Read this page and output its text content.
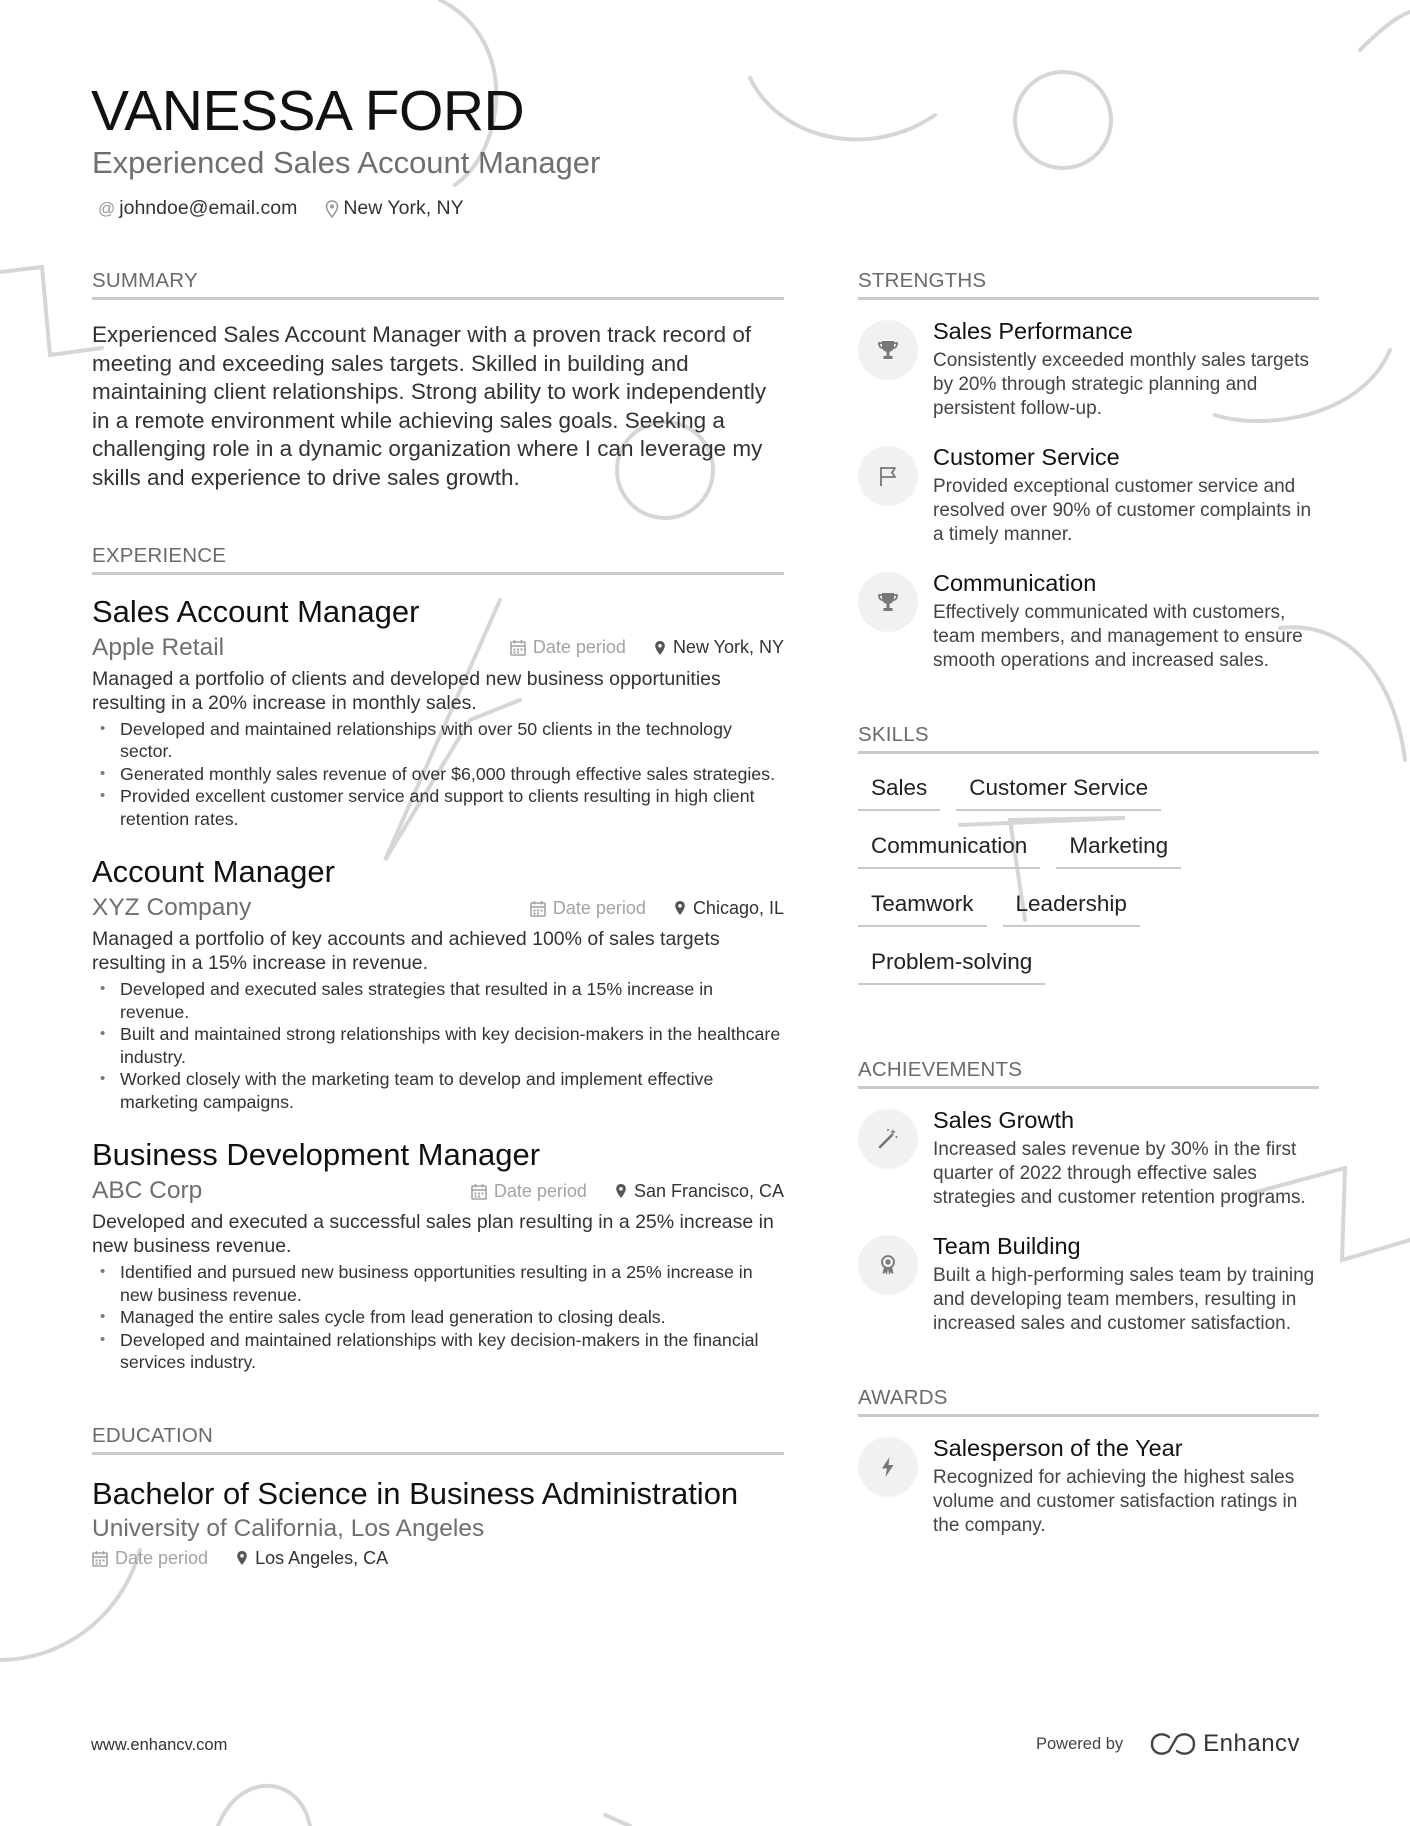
VANESSA FORD
Experienced Sales Account Manager
@ johndoe@email.com New York, NY
SUMMARY

Experienced Sales Account Manager with a proven track record of meeting and exceeding sales targets. Skilled in building and maintaining client relationships. Strong ability to work independently in a remote environment while achieving sales goals. Seeking a challenging role in a dynamic organization where I can leverage my skills and experience to drive sales growth.

EXPERIENCE
Sales Account Manager
Apple Retail	Date period	New York, NY

Managed a portfolio of clients and developed new business opportunities resulting in a 20% increase in monthly sales.

• Developed and maintained relationships with over 50 clients in the technology sector.
• Generated monthly sales revenue of over $6,000 through effective sales strategies.
• Provided excellent customer service and support to clients resulting in high client retention rates.
Account Manager
XYZ Company	Date period	Chicago, IL

Managed a portfolio of key accounts and achieved 100% of sales targets resulting in a 15% increase in revenue.

• Developed and executed sales strategies that resulted in a 15% increase in revenue.
• Built and maintained strong relationships with key decision-makers in the healthcare industry.
• Worked closely with the marketing team to develop and implement effective marketing campaigns.
Business Development Manager
ABC Corp	Date period	San Francisco, CA

Developed and executed a successful sales plan resulting in a 25% increase in new business revenue.

• Identified and pursued new business opportunities resulting in a 25% increase in new business revenue.
• Managed the entire sales cycle from lead generation to closing deals.
• Developed and maintained relationships with key decision-makers in the financial services industry.
EDUCATION
Bachelor of Science in Business Administration
University of California, Los Angeles
Date period	Los Angeles, CA
STRENGTHS
Sales Performance
Consistently exceeded monthly sales targets by 20% through strategic planning and persistent follow-up.
Customer Service
Provided exceptional customer service and resolved over 90% of customer complaints in a timely manner.
Communication
Effectively communicated with customers, team members, and management to ensure smooth operations and increased sales.
SKILLS
Sales	Customer Service
Communication	Marketing
Teamwork	Leadership
Problem-solving
ACHIEVEMENTS
Sales Growth
Increased sales revenue by 30% in the first quarter of 2022 through effective sales strategies and customer retention programs.
Team Building
Built a high-performing sales team by training and developing team members, resulting in increased sales and customer satisfaction.
AWARDS
Salesperson of the Year
Recognized for achieving the highest sales volume and customer satisfaction ratings in the company.
www.enhancv.com	Powered by	Enhancv
